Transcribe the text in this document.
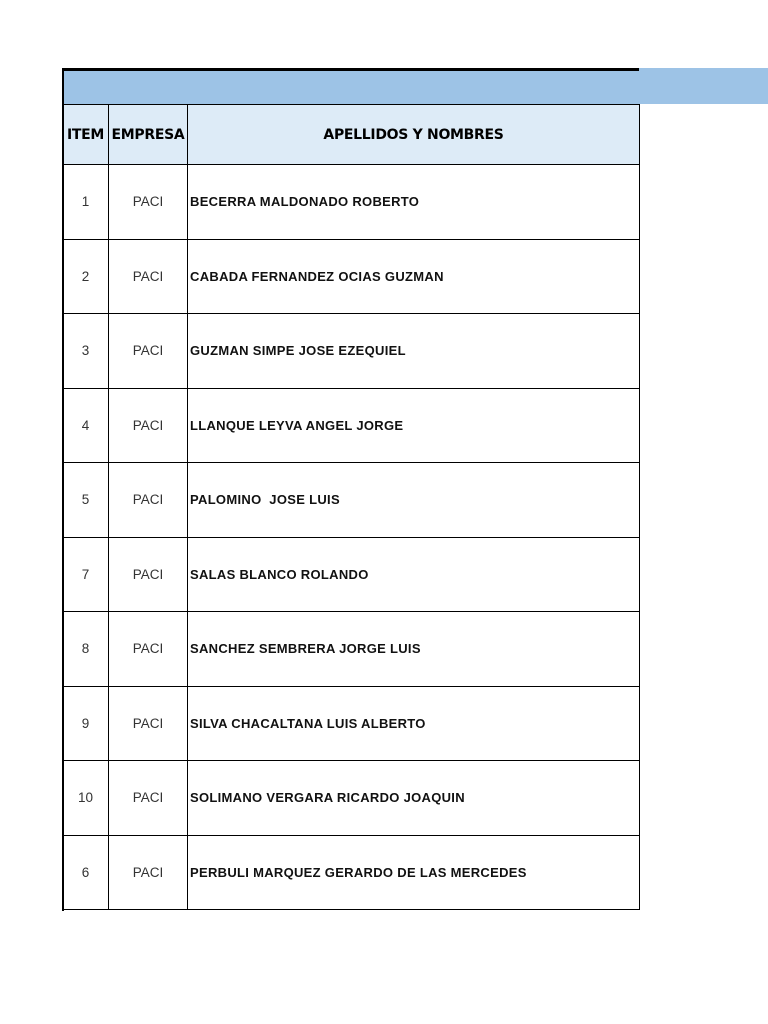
ITEM	EMPRESA	APELLIDOS Y NOMBRES
1	PACI	BECERRA MALDONADO ROBERTO
2	PACI	CABADA FERNANDEZ OCIAS GUZMAN
3	PACI	GUZMAN SIMPE JOSE EZEQUIEL
4	PACI	LLANQUE LEYVA ANGEL JORGE
5	PACI	PALOMINO  JOSE LUIS
7	PACI	SALAS BLANCO ROLANDO
8	PACI	SANCHEZ SEMBRERA JORGE LUIS
9	PACI	SILVA CHACALTANA LUIS ALBERTO
10	PACI	SOLIMANO VERGARA RICARDO JOAQUIN
6	PACI	PERBULI MARQUEZ GERARDO DE LAS MERCEDES
